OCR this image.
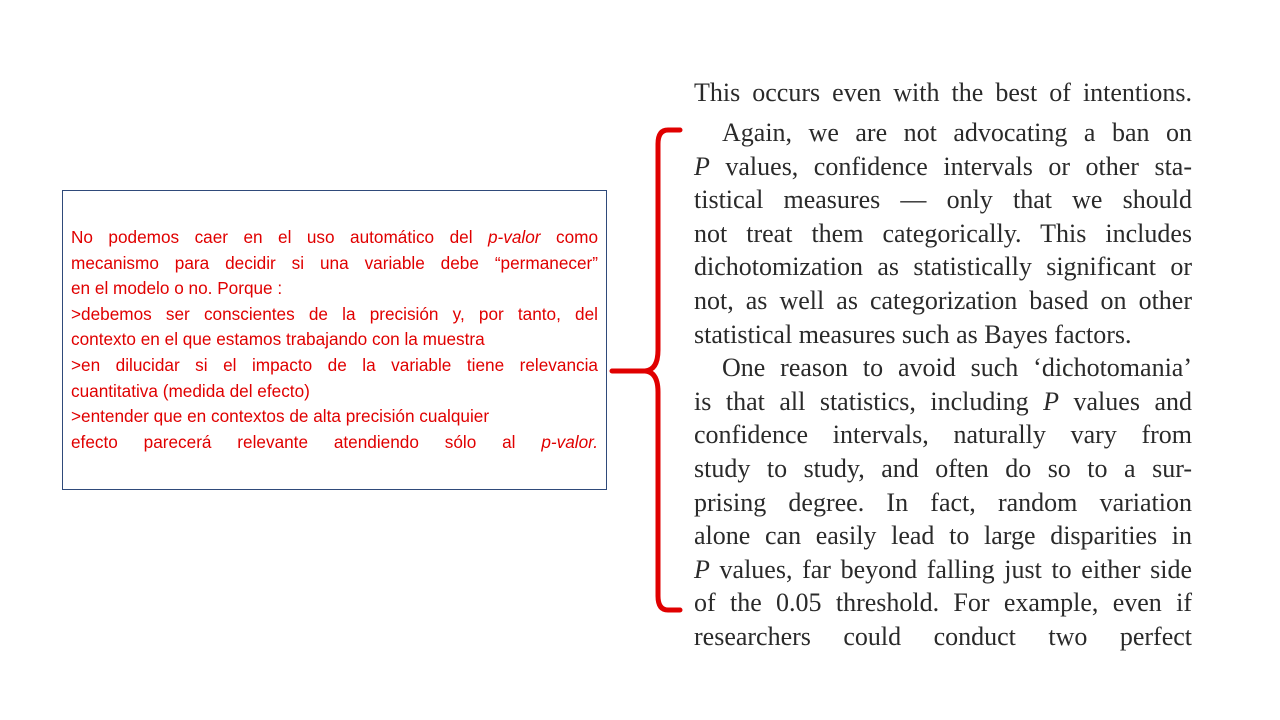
No podemos caer en el uso automático del p-valor como
mecanismo para decidir si una variable debe “permanecer”
en el modelo o no. Porque :
>debemos ser conscientes de la precisión y, por tanto, del
contexto en el que estamos trabajando con la muestra
>en dilucidar si el impacto de la variable tiene relevancia
cuantitativa (medida del efecto)
>entender que en contextos de alta precisión cualquier
efecto parecerá relevante atendiendo sólo al p-valor.
This occurs even with the best of intentions.
Again, we are not advocating a ban on
P values, confidence intervals or other sta-
tistical measures — only that we should
not treat them categorically. This includes
dichotomization as statistically significant or
not, as well as categorization based on other
statistical measures such as Bayes factors.
One reason to avoid such ‘dichotomania’
is that all statistics, including P values and
confidence intervals, naturally vary from
study to study, and often do so to a sur-
prising degree. In fact, random variation
alone can easily lead to large disparities in
P values, far beyond falling just to either side
of the 0.05 threshold. For example, even if
researchers could conduct two perfect
